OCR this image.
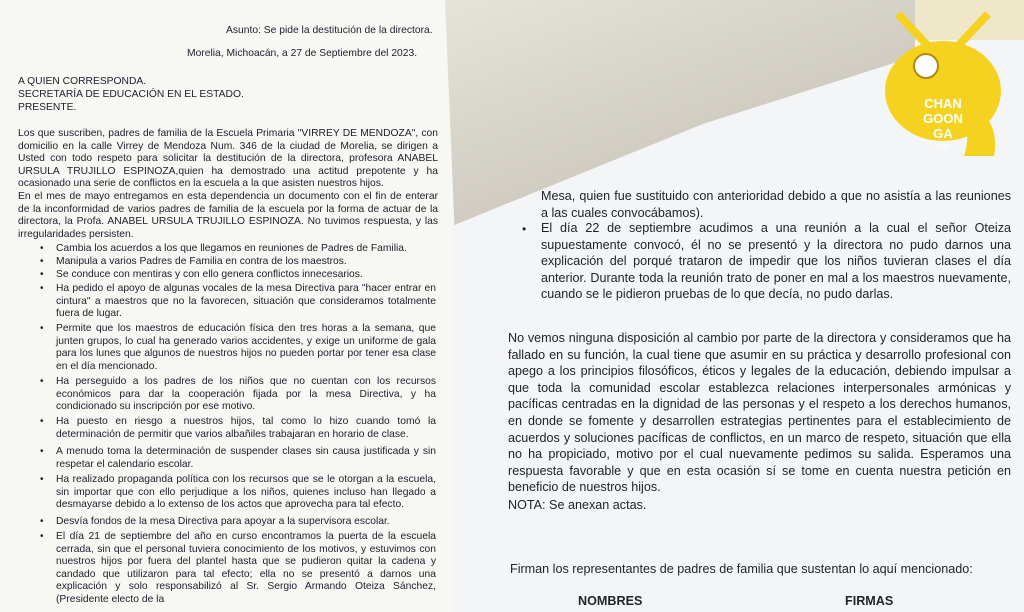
Asunto: Se pide la destitución de la directora.

Morelia, Michoacán, a 27 de Septiembre del 2023.

A QUIEN CORRESPONDA.

SECRETARÍA DE EDUCACIÓN EN EL ESTADO.

PRESENTE.

Los que suscriben, padres de familia de la Escuela Primaria "VIRREY DE MENDOZA", con domicilio en la calle Virrey de Mendoza Num. 346 de la ciudad de Morelia, se dirigen a Usted con todo respeto para solicitar la destitución de la directora, profesora ANABEL URSULA TRUJILLO ESPINOZA,quien ha demostrado una actitud prepotente y ha ocasionado una serie de conflictos en la escuela a la que asisten nuestros hijos.

En el mes de mayo entregamos en esta dependencia un documento con el fin de enterar de la inconformidad de varios padres de familia de la escuela por la forma de actuar de la directora, la Profa. ANABEL URSULA TRUJILLO ESPINOZA. No tuvimos respuesta, y las irregularidades persisten.

• Cambia los acuerdos a los que llegamos en reuniones de Padres de Familia.

• Manipula a varios Padres de Familia en contra de los maestros.

• Se conduce con mentiras y con ello genera conflictos innecesarios.

• Ha pedido el apoyo de algunas vocales de la mesa Directiva para "hacer entrar en cintura" a maestros que no la favorecen, situación que consideramos totalmente fuera de lugar.

• Permite que los maestros de educación física den tres horas a la semana, que junten grupos, lo cual ha generado varios accidentes, y exige un uniforme de gala para los lunes que algunos de nuestros hijos no pueden portar por tener esa clase en el día mencionado.

• Ha perseguido a los padres de los niños que no cuentan con los recursos económicos para dar la cooperación fijada por la mesa Directiva, y ha condicionado su inscripción por ese motivo.

• Ha puesto en riesgo a nuestros hijos, tal como lo hizo cuando tomó la determinación de permitir que varios albañiles trabajaran en horario de clase.

• A menudo toma la determinación de suspender clases sin causa justificada y sin respetar el calendario escolar.

• Ha realizado propaganda política con los recursos que se le otorgan a la escuela, sin importar que con ello perjudique a los niños, quienes incluso han llegado a desmayarse debido a lo extenso de los actos que aprovecha para tal efecto.

• Desvía fondos de la mesa Directiva para apoyar a la supervisora escolar.

• El día 21 de septiembre del año en curso encontramos la puerta de la escuela cerrada, sin que el personal tuviera conocimiento de los motivos, y estuvimos con nuestros hijos por fuera del plantel hasta que se pudieron quitar la cadena y candado que utilizaron para tal efecto; ella no se presentó a darnos una explicación y solo responsabilizó al Sr. Sergio Armando Oteiza Sánchez, (Presidente electo de la

Mesa, quien fue sustituido con anterioridad debido a que no asistía a las reuniones a las cuales convocábamos).

• El día 22 de septiembre acudimos a una reunión a la cual el señor Oteiza supuestamente convocó, él no se presentó y la directora no pudo darnos una explicación del porqué trataron de impedir que los niños tuvieran clases el día anterior. Durante toda la reunión trato de poner en mal a los maestros nuevamente, cuando se le pidieron pruebas de lo que decía, no pudo darlas.

No vemos ninguna disposición al cambio por parte de la directora y consideramos que ha fallado en su función, la cual tiene que asumir en su práctica y desarrollo profesional con apego a los principios filosóficos, éticos y legales de la educación, debiendo impulsar a que toda la comunidad escolar establezca relaciones interpersonales armónicas y pacíficas centradas en la dignidad de las personas y el respeto a los derechos humanos, en donde se fomente y desarrollen estrategias pertinentes para el establecimiento de acuerdos y soluciones pacíficas de conflictos, en un marco de respeto, situación que ella no ha propiciado, motivo por el cual nuevamente pedimos su salida. Esperamos una respuesta favorable y que en esta ocasión sí se tome en cuenta nuestra petición en beneficio de nuestros hijos.

NOTA: Se anexan actas.

Firman los representantes de padres de familia que sustentan lo aquí mencionado:

NOMBRES	FIRMAS

CHAN
GOON
GA
.com
